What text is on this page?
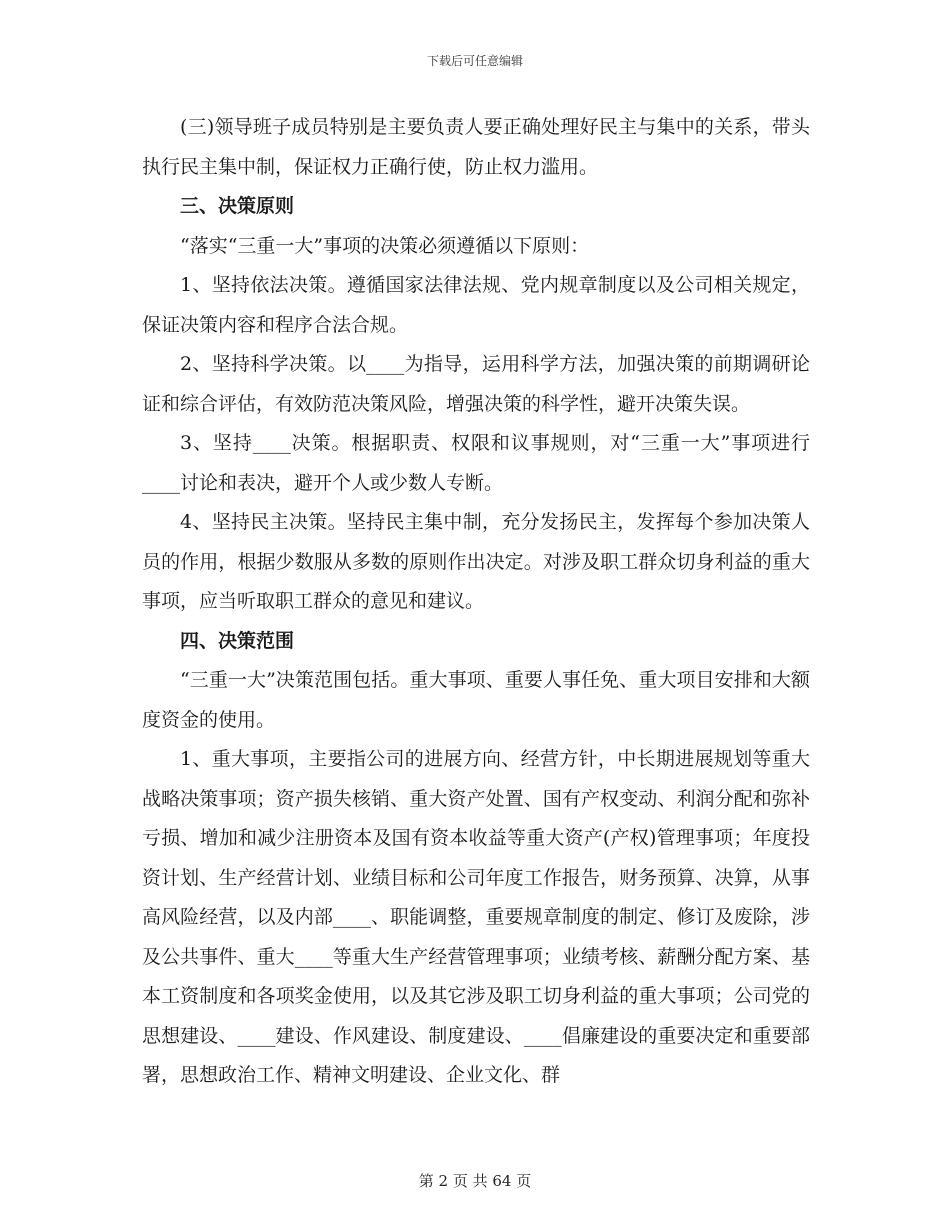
下载后可任意编辑

(三)领导班子成员特别是主要负责人要正确处理好民主与集中的关系，带头执行民主集中制，保证权力正确行使，防止权力滥用。

三、决策原则

“落实“三重一大”事项的决策必须遵循以下原则：

1、坚持依法决策。遵循国家法律法规、党内规章制度以及公司相关规定，保证决策内容和程序合法合规。

2、坚持科学决策。以____为指导，运用科学方法，加强决策的前期调研论证和综合评估，有效防范决策风险，增强决策的科学性，避开决策失误。

3、坚持____决策。根据职责、权限和议事规则，对“三重一大”事项进行____讨论和表决，避开个人或少数人专断。

4、坚持民主决策。坚持民主集中制，充分发扬民主，发挥每个参加决策人员的作用，根据少数服从多数的原则作出决定。对涉及职工群众切身利益的重大事项，应当听取职工群众的意见和建议。

四、决策范围

“三重一大”决策范围包括。重大事项、重要人事任免、重大项目安排和大额度资金的使用。

1、重大事项，主要指公司的进展方向、经营方针，中长期进展规划等重大战略决策事项；资产损失核销、重大资产处置、国有产权变动、利润分配和弥补亏损、增加和减少注册资本及国有资本收益等重大资产(产权)管理事项；年度投资计划、生产经营计划、业绩目标和公司年度工作报告，财务预算、决算，从事高风险经营，以及内部____、职能调整，重要规章制度的制定、修订及废除，涉及公共事件、重大____等重大生产经营管理事项；业绩考核、薪酬分配方案、基本工资制度和各项奖金使用，以及其它涉及职工切身利益的重大事项；公司党的思想建设、____建设、作风建设、制度建设、____倡廉建设的重要决定和重要部署，思想政治工作、精神文明建设、企业文化、群

第 2 页 共 64 页
